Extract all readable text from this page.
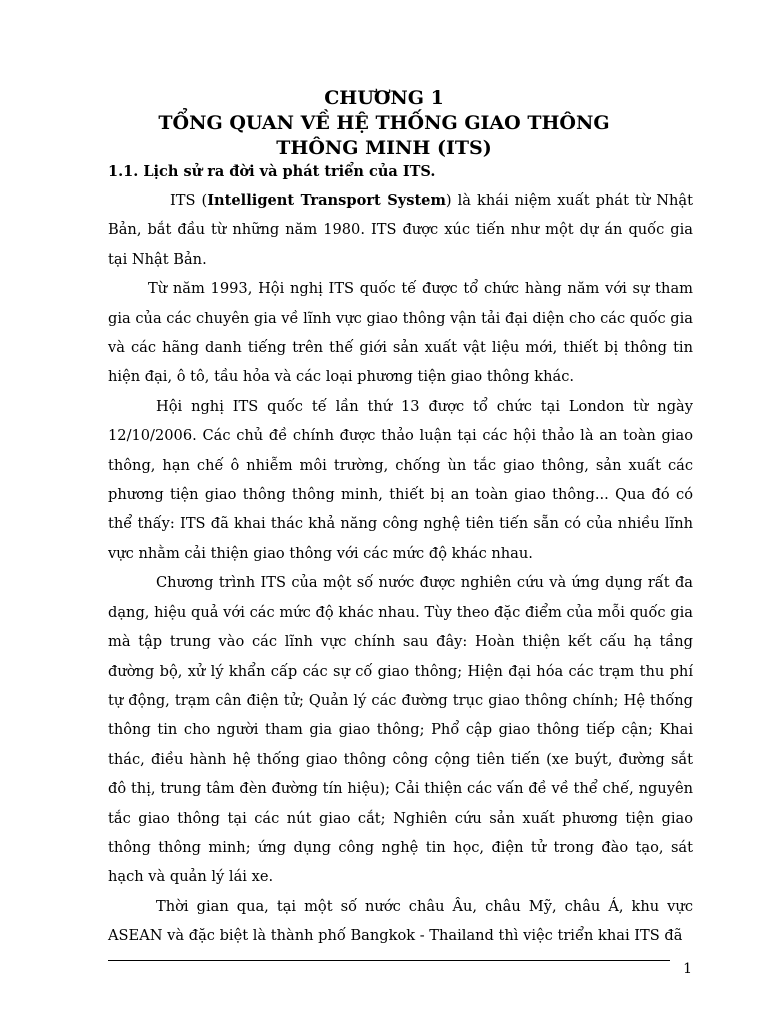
CHƯƠNG 1
TỔNG QUAN VỀ HỆ THỐNG GIAO THÔNG
THÔNG MINH (ITS)
1.1. Lịch sử ra đời và phát triển của ITS.

ITS (Intelligent Transport System) là khái niệm xuất phát từ Nhật Bản, bắt đầu từ những năm 1980. ITS được xúc tiến như một dự án quốc gia tại Nhật Bản.

Từ năm 1993, Hội nghị ITS quốc tế được tổ chức hàng năm với sự tham gia của các chuyên gia về lĩnh vực giao thông vận tải đại diện cho các quốc gia và các hãng danh tiếng trên thế giới sản xuất vật liệu mới, thiết bị thông tin hiện đại, ô tô, tầu hỏa và các loại phương tiện giao thông khác.

Hội nghị ITS quốc tế lần thứ 13 được tổ chức tại London từ ngày 12/10/2006. Các chủ đề chính được thảo luận tại các hội thảo là an toàn giao thông, hạn chế ô nhiễm môi trường, chống ùn tắc giao thông, sản xuất các phương tiện giao thông thông minh, thiết bị an toàn giao thông... Qua đó có thể thấy: ITS đã khai thác khả năng công nghệ tiên tiến sẵn có của nhiều lĩnh vực nhằm cải thiện giao thông với các mức độ khác nhau.

Chương trình ITS của một số nước được nghiên cứu và ứng dụng rất đa dạng, hiệu quả với các mức độ khác nhau. Tùy theo đặc điểm của mỗi quốc gia mà tập trung vào các lĩnh vực chính sau đây: Hoàn thiện kết cấu hạ tầng đường bộ, xử lý khẩn cấp các sự cố giao thông; Hiện đại hóa các trạm thu phí tự động, trạm cân điện tử; Quản lý các đường trục giao thông chính; Hệ thống thông tin cho người tham gia giao thông; Phổ cập giao thông tiếp cận; Khai thác, điều hành hệ thống giao thông công cộng tiên tiến (xe buýt, đường sắt đô thị, trung tâm đèn đường tín hiệu); Cải thiện các vấn đề về thể chế, nguyên tắc giao thông tại các nút giao cắt; Nghiên cứu sản xuất phương tiện giao thông thông minh; ứng dụng công nghệ tin học, điện tử trong đào tạo, sát hạch và quản lý lái xe.

Thời gian qua, tại một số nước châu Âu, châu Mỹ, châu Á, khu vực ASEAN và đặc biệt là thành phố Bangkok - Thailand thì việc triển khai ITS đã

1
